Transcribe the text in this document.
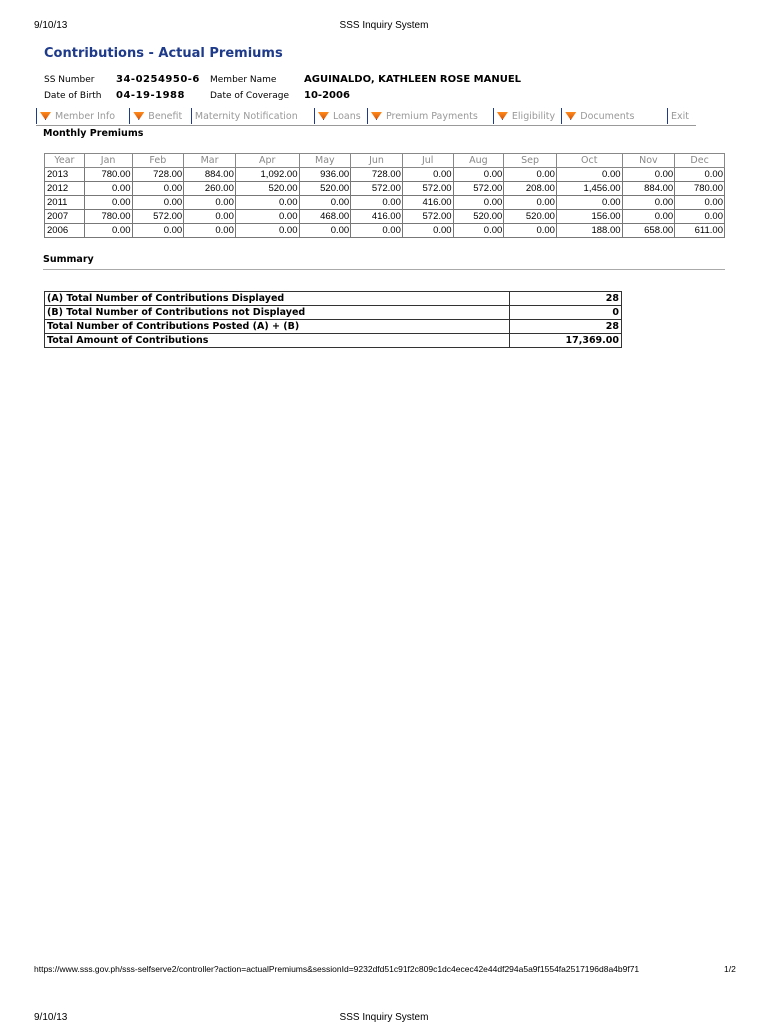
9/10/13	SSS Inquiry System
Contributions - Actual Premiums
SS Number	34-0254950-6	Member Name	AGUINALDO, KATHLEEN ROSE MANUEL
Date of Birth	04-19-1988	Date of Coverage	10-2006
Member Info	Benefit Maternity Notification	Loans	Premium Payments	Eligibility	Documents	Exit
Monthly Premiums
Year	Jan	Feb	Mar	Apr	May	Jun	Jul	Aug	Sep	Oct	Nov	Dec
2013	780.00	728.00	884.00	1,092.00	936.00	728.00	0.00	0.00	0.00	0.00	0.00	0.00
2012	0.00	0.00	260.00	520.00	520.00	572.00	572.00	572.00	208.00	1,456.00	884.00	780.00
2011	0.00	0.00	0.00	0.00	0.00	0.00	416.00	0.00	0.00	0.00	0.00	0.00
2007	780.00	572.00	0.00	0.00	468.00	416.00	572.00	520.00	520.00	156.00	0.00	0.00
2006	0.00	0.00	0.00	0.00	0.00	0.00	0.00	0.00	0.00	188.00	658.00	611.00
Summary
(A) Total Number of Contributions Displayed	28
(B) Total Number of Contributions not Displayed	0
Total Number of Contributions Posted (A) + (B)	28
Total Amount of Contributions	17,369.00
https://www.sss.gov.ph/sss-selfserve2/controller?action=actualPremiums&sessionId=9232dfd51c91f2c809c1dc4ecec42e44df294a5a9f1554fa2517196d8a4b9f71	1/2
9/10/13	SSS Inquiry System
